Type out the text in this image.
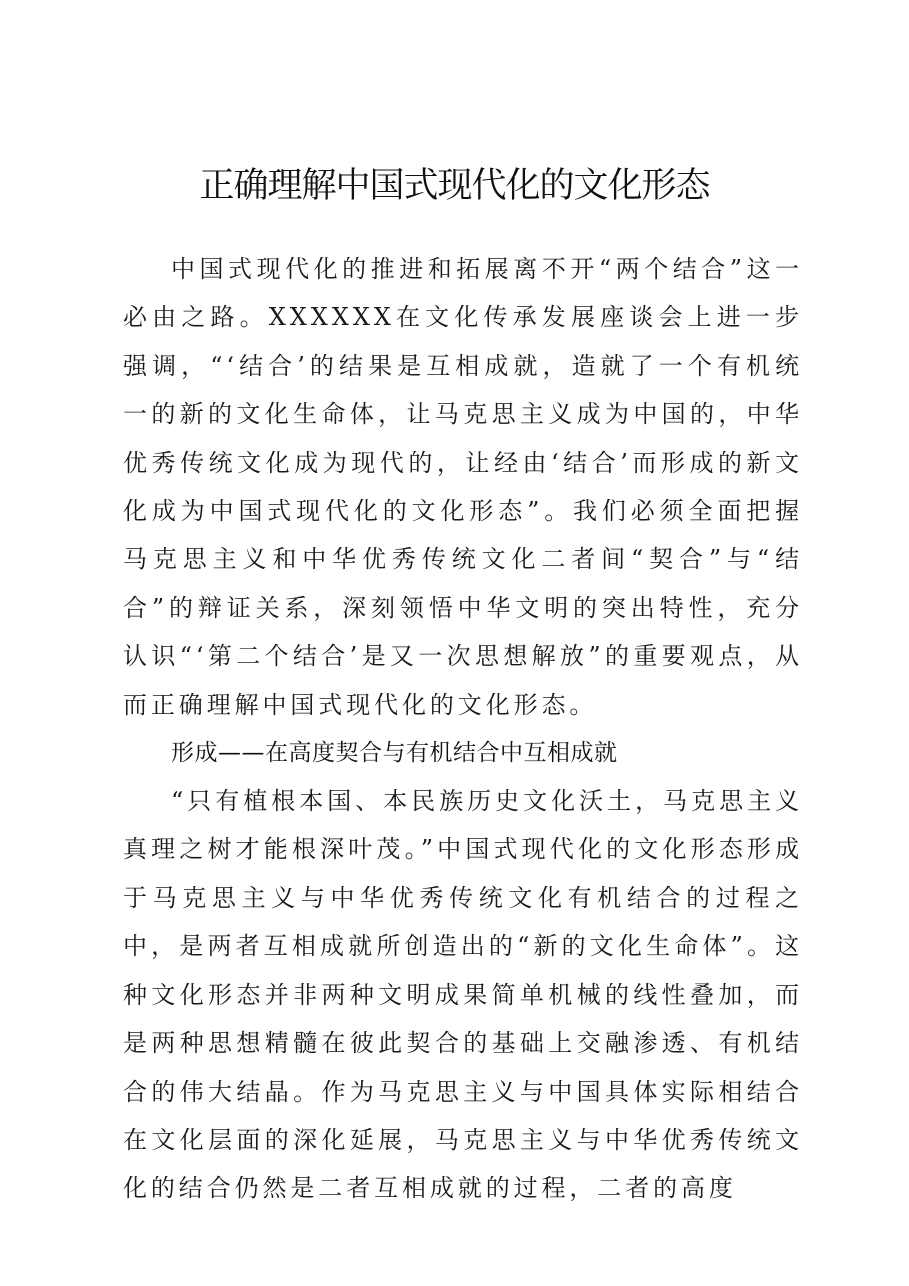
正确理解中国式现代化的文化形态

中国式现代化的推进和拓展离不开“两个结合”这一必由之路。XXXXXX在文化传承发展座谈会上进一步强调，“‘结合’的结果是互相成就，造就了一个有机统一的新的文化生命体，让马克思主义成为中国的，中华优秀传统文化成为现代的，让经由‘结合’而形成的新文化成为中国式现代化的文化形态”。我们必须全面把握马克思主义和中华优秀传统文化二者间“契合”与“结合”的辩证关系，深刻领悟中华文明的突出特性，充分认识“‘第二个结合’是又一次思想解放”的重要观点，从而正确理解中国式现代化的文化形态。

形成——在高度契合与有机结合中互相成就

“只有植根本国、本民族历史文化沃土，马克思主义真理之树才能根深叶茂。”中国式现代化的文化形态形成于马克思主义与中华优秀传统文化有机结合的过程之中，是两者互相成就所创造出的“新的文化生命体”。这种文化形态并非两种文明成果简单机械的线性叠加，而是两种思想精髓在彼此契合的基础上交融渗透、有机结合的伟大结晶。作为马克思主义与中国具体实际相结合在文化层面的深化延展，马克思主义与中华优秀传统文化的结合仍然是二者互相成就的过程，二者的高度
